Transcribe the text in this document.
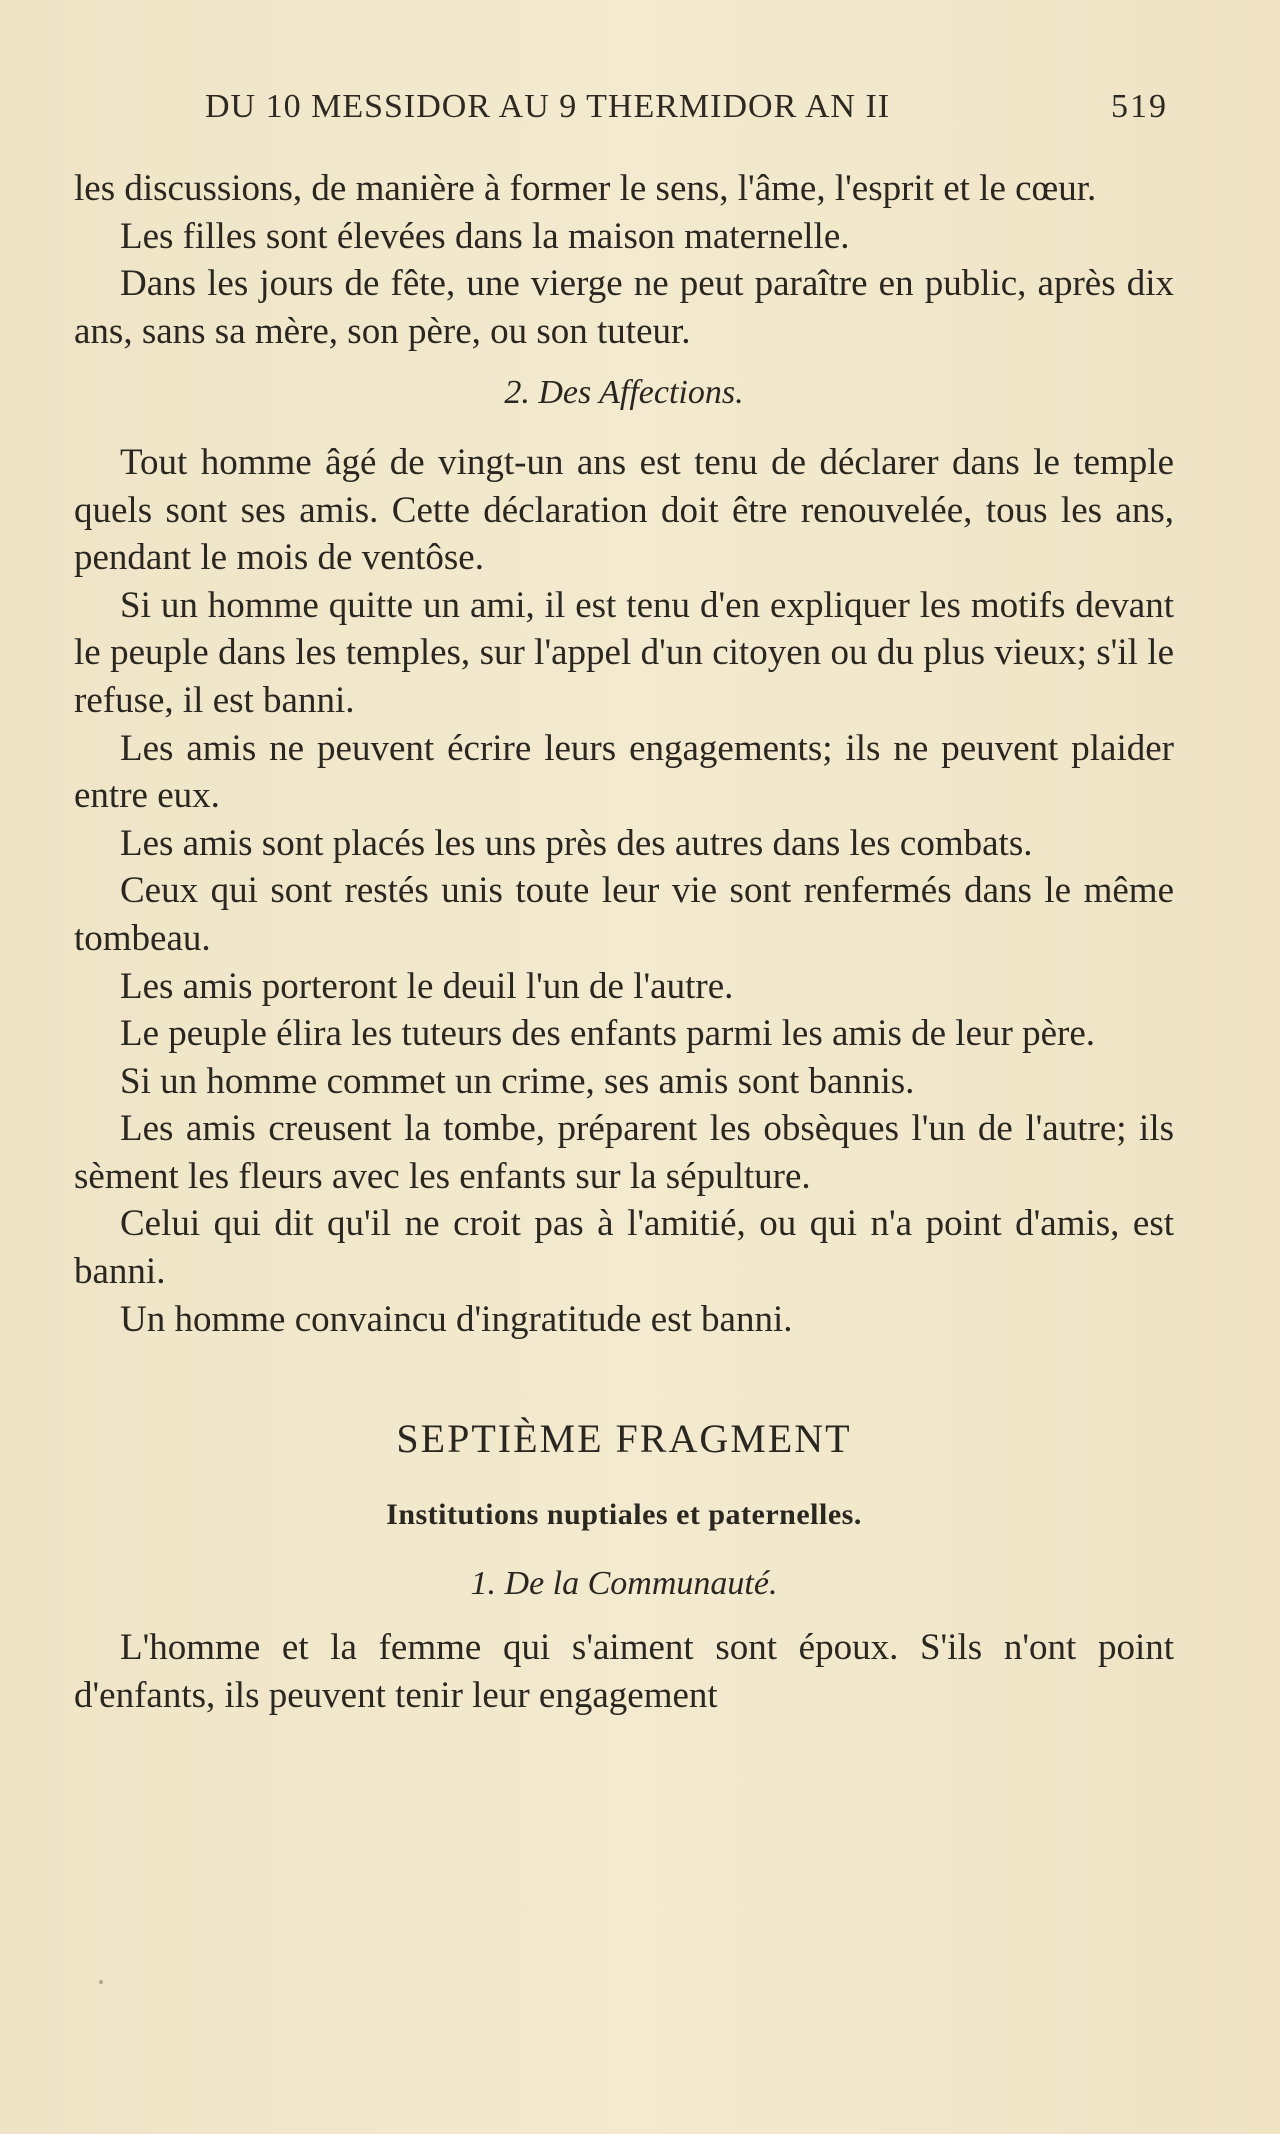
DU 10 MESSIDOR AU 9 THERMIDOR AN II	519

les discussions, de manière à former le sens, l'âme, l'esprit et le cœur.

Les filles sont élevées dans la maison maternelle.

Dans les jours de fête, une vierge ne peut paraître en public, après dix ans, sans sa mère, son père, ou son tuteur.

2. Des Affections.

Tout homme âgé de vingt-un ans est tenu de déclarer dans le temple quels sont ses amis. Cette déclaration doit être renouvelée, tous les ans, pendant le mois de ventôse.

Si un homme quitte un ami, il est tenu d'en expliquer les motifs devant le peuple dans les temples, sur l'appel d'un citoyen ou du plus vieux; s'il le refuse, il est banni.

Les amis ne peuvent écrire leurs engagements; ils ne peuvent plaider entre eux.

Les amis sont placés les uns près des autres dans les combats.

Ceux qui sont restés unis toute leur vie sont renfermés dans le même tombeau.

Les amis porteront le deuil l'un de l'autre.

Le peuple élira les tuteurs des enfants parmi les amis de leur père.

Si un homme commet un crime, ses amis sont bannis.

Les amis creusent la tombe, préparent les obsèques l'un de l'autre; ils sèment les fleurs avec les enfants sur la sépulture.

Celui qui dit qu'il ne croit pas à l'amitié, ou qui n'a point d'amis, est banni.

Un homme convaincu d'ingratitude est banni.

SEPTIÈME FRAGMENT
Institutions nuptiales et paternelles.
1. De la Communauté.

L'homme et la femme qui s'aiment sont époux. S'ils n'ont point d'enfants, ils peuvent tenir leur engagement
